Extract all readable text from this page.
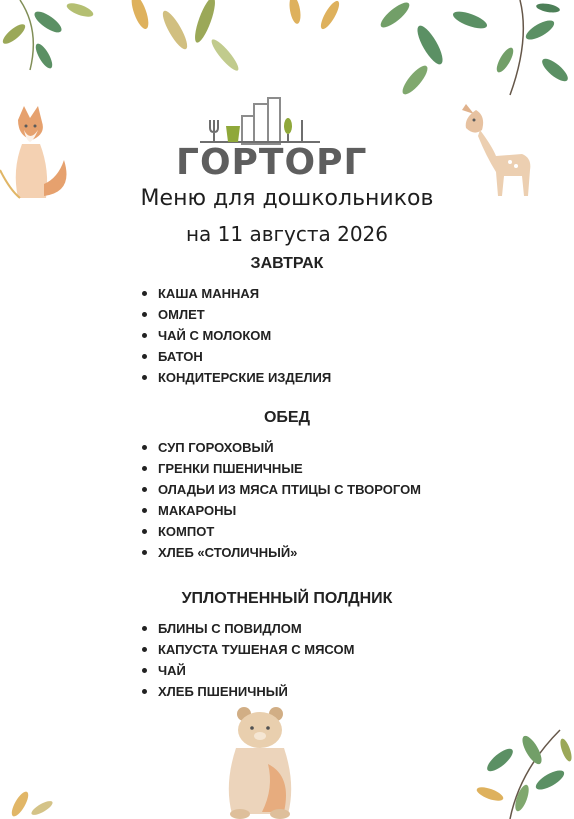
ГОРТОРГ
Меню для дошкольников
на 11 августа 2026
ЗАВТРАК
КАША МАННАЯ
ОМЛЕТ
ЧАЙ С МОЛОКОМ
БАТОН
КОНДИТЕРСКИЕ ИЗДЕЛИЯ
ОБЕД
СУП ГОРОХОВЫЙ
ГРЕНКИ ПШЕНИЧНЫЕ
ОЛАДЬИ ИЗ МЯСА ПТИЦЫ С ТВОРОГОМ
МАКАРОНЫ
КОМПОТ
ХЛЕБ «СТОЛИЧНЫЙ»
УПЛОТНЕННЫЙ ПОЛДНИК
БЛИНЫ С ПОВИДЛОМ
КАПУСТА ТУШЕНАЯ С МЯСОМ
ЧАЙ
ХЛЕБ ПШЕНИЧНЫЙ
